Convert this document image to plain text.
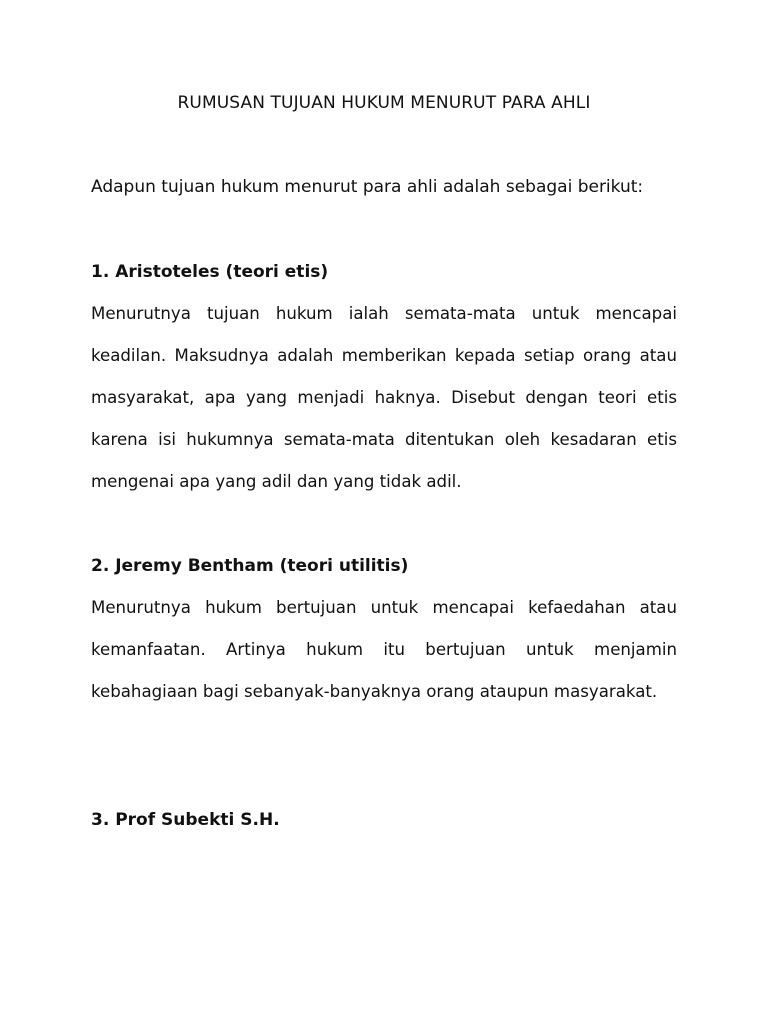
RUMUSAN TUJUAN HUKUM MENURUT PARA AHLI

Adapun tujuan hukum menurut para ahli adalah sebagai berikut:

1. Aristoteles (teori etis)

Menurutnya tujuan hukum ialah semata-mata untuk mencapai keadilan. Maksudnya adalah memberikan kepada setiap orang atau masyarakat, apa yang menjadi haknya. Disebut dengan teori etis karena isi hukumnya semata-mata ditentukan oleh kesadaran etis mengenai apa yang adil dan yang tidak adil.

2. Jeremy Bentham (teori utilitis)

Menurutnya hukum bertujuan untuk mencapai kefaedahan atau kemanfaatan. Artinya hukum itu bertujuan untuk menjamin kebahagiaan bagi sebanyak-banyaknya orang ataupun masyarakat.

3. Prof Subekti S.H.
